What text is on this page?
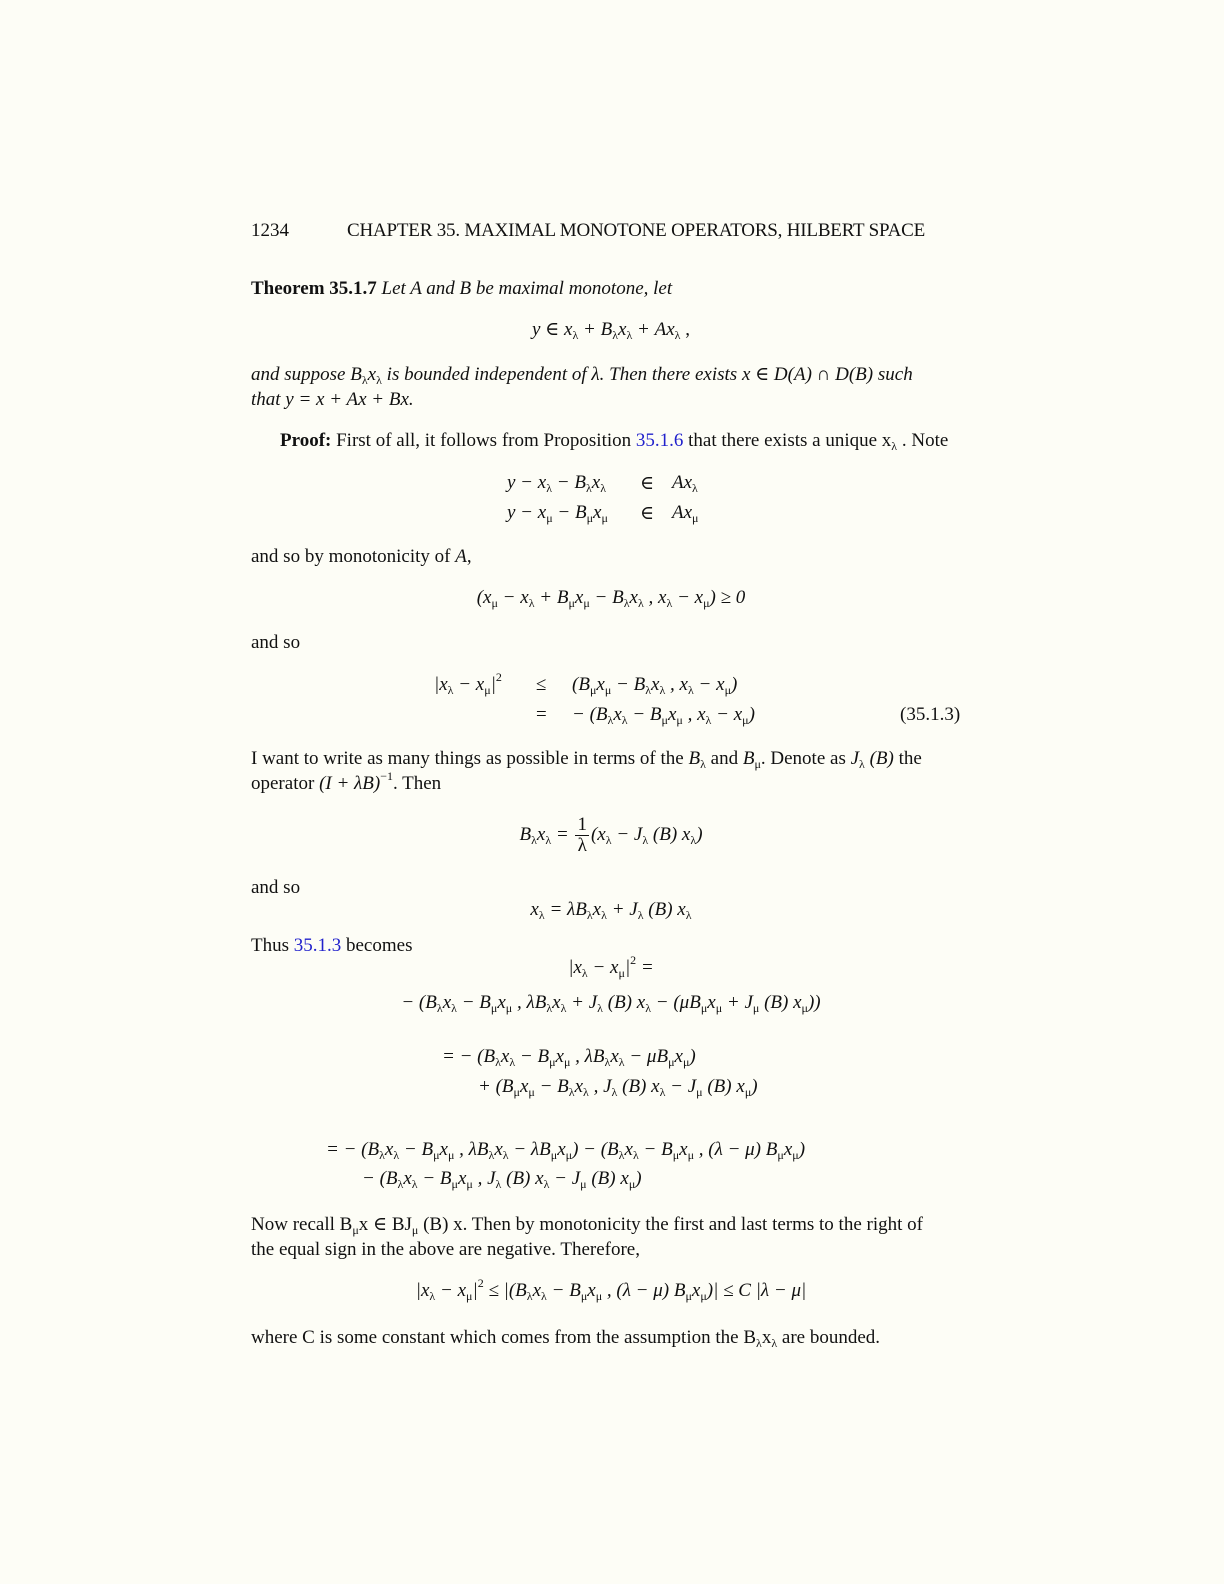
1234	CHAPTER 35. MAXIMAL MONOTONE OPERATORS, HILBERT SPACE
Theorem 35.1.7 Let A and B be maximal monotone, let
y ∈ $x_\lambda + B_\lambda x_\lambda + Ax_\lambda$ ,
and suppose $B_\lambda x_\lambda$ is bounded independent of λ. Then there exists x ∈ D(A) ∩ D(B) such
that y = x + Ax + Bx.
Proof: First of all, it follows from Proposition 35.1.6 that there exists a unique $x_\lambda$ . Note
$y - x_\lambda - B_\lambda x_\lambda$ ∈ $Ax_\lambda$
$y - x_\mu - B_\mu x_\mu$ ∈ $Ax_\mu$
and so by monotonicity of A,
($x_\mu - x_\lambda + B_\mu x_\mu - B_\lambda x_\lambda$ , $x_\lambda - x_\mu) \ge 0$
and so
$|x_\lambda - x_\mu|^2 \le (B_\mu x_\mu - B_\lambda x_\lambda$ , $x_\lambda - x_\mu$)
= − ($B_\lambda x_\lambda - B_\mu x_\mu$ , $x_\lambda - x_\mu$)	(35.1.3)
I want to write as many things as possible in terms of the $B_\lambda$ and $B_\mu$. Denote as $J_\lambda$ (B) the
operator $(I + \lambda B)^{-1}$. Then
$B_\lambda x_\lambda = \frac{1}{\lambda} (x_\lambda - J_\lambda$ (B) $x_\lambda$)
and so
$x_\lambda = \lambda B_\lambda x_\lambda + J_\lambda$ (B) $x_\lambda$
Thus 35.1.3 becomes
$|x_\lambda - x_\mu|^2$ =
− ($B_\lambda x_\lambda - B_\mu x_\mu$ , $\lambda B_\lambda x_\lambda + J_\lambda$ (B) $x_\lambda - (\mu B_\mu x_\mu + J_\mu$ (B) $x_\mu$))
= − ($B_\lambda x_\lambda - B_\mu x_\mu$ , $\lambda B_\lambda x_\lambda - \mu B_\mu x_\mu$)
+ ($B_\mu x_\mu - B_\lambda x_\lambda$ , $J_\lambda$ (B) $x_\lambda - J_\mu$ (B) $x_\mu$)
= − ($B_\lambda x_\lambda - B_\mu x_\mu$ , $\lambda B_\lambda x_\lambda - \lambda B_\mu x_\mu) - (B_\lambda x_\lambda - B_\mu x_\mu$ , (λ − μ) $B_\mu x_\mu$)
− ($B_\lambda x_\lambda - B_\mu x_\mu$ , $J_\lambda$ (B) $x_\lambda - J_\mu$ (B) $x_\mu$)
Now recall $B_\mu x$ ∈ $BJ_\mu$ (B) x. Then by monotonicity the first and last terms to the right of
the equal sign in the above are negative. Therefore,
$|x_\lambda - x_\mu|^2 \le |(B_\lambda x_\lambda - B_\mu x_\mu$ , (λ − μ) $B_\mu x_\mu)| \le C$ |λ − μ|
where C is some constant which comes from the assumption the $B_\lambda x_\lambda$ are bounded.
